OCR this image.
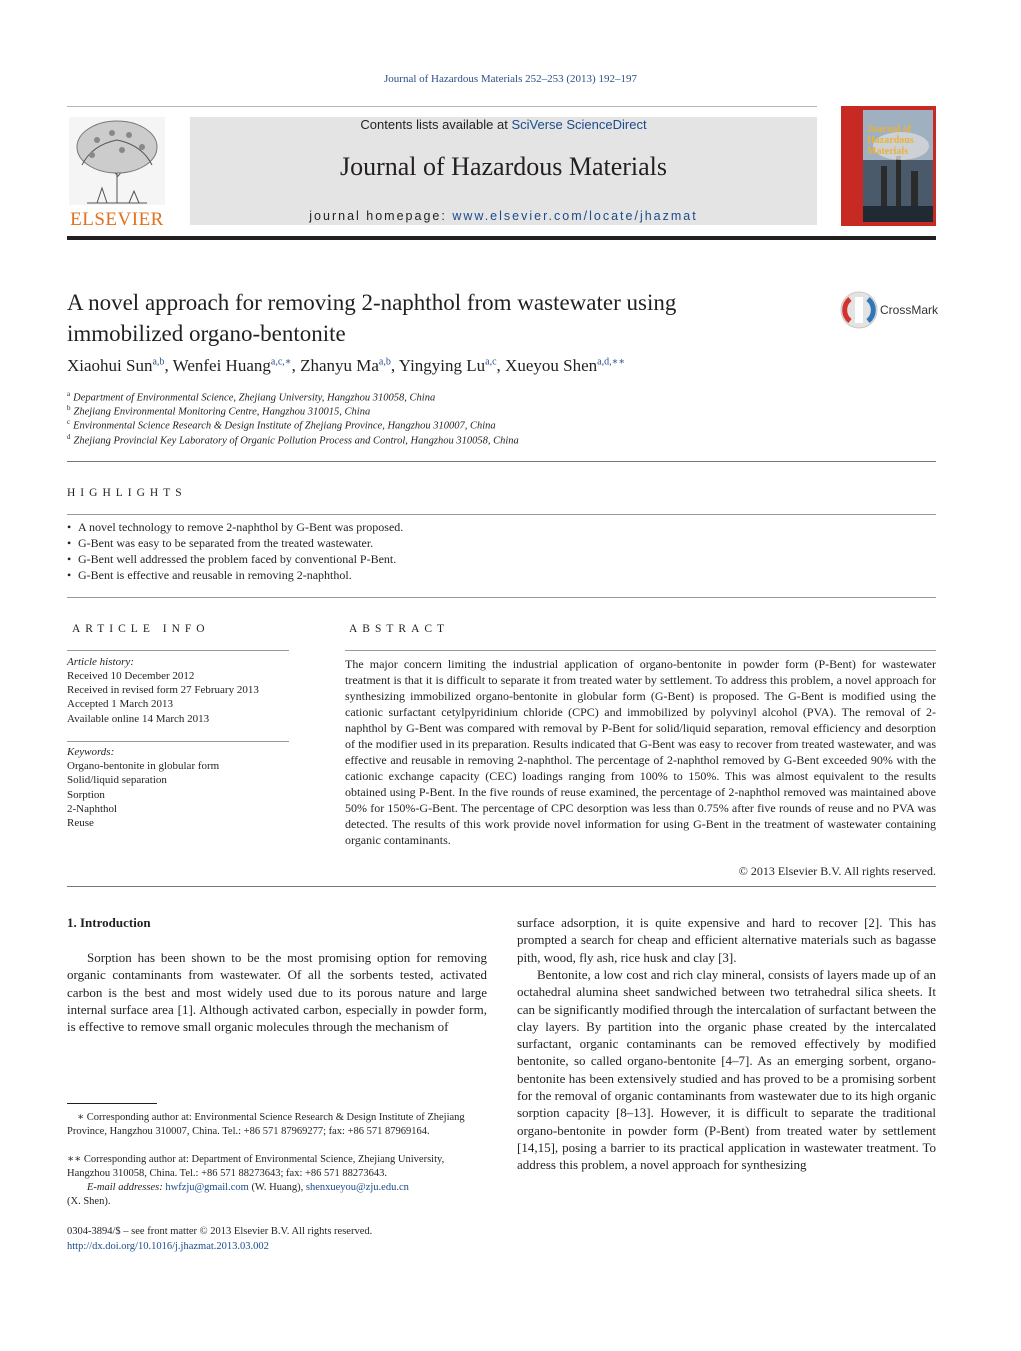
Journal of Hazardous Materials 252–253 (2013) 192–197
ELSEVIER
Contents lists available at SciVerse ScienceDirect
Journal of Hazardous Materials
journal homepage: www.elsevier.com/locate/jhazmat
Journal of Hazardous Materials
A novel approach for removing 2-naphthol from wastewater using
immobilized organo-bentonite
CrossMark
Xiaohui Sun$^{a,b}$, Wenfei Huang$^{a,c,∗}$, Zhanyu Ma$^{a,b}$, Yingying Lu$^{a,c}$, Xueyou Shen$^{a,d,∗∗}$
$^a$ Department of Environmental Science, Zhejiang University, Hangzhou 310058, China
$^b$ Zhejiang Environmental Monitoring Centre, Hangzhou 310015, China
$^c$ Environmental Science Research & Design Institute of Zhejiang Province, Hangzhou 310007, China
$^d$ Zhejiang Provincial Key Laboratory of Organic Pollution Process and Control, Hangzhou 310058, China
HIGHLIGHTS
• A novel technology to remove 2-naphthol by G-Bent was proposed.
• G-Bent was easy to be separated from the treated wastewater.
• G-Bent well addressed the problem faced by conventional P-Bent.
• G-Bent is effective and reusable in removing 2-naphthol.
ARTICLE INFO
Article history:
Received 10 December 2012
Received in revised form 27 February 2013
Accepted 1 March 2013
Available online 14 March 2013
Keywords:
Organo-bentonite in globular form
Solid/liquid separation
Sorption
2-Naphthol
Reuse
ABSTRACT
The major concern limiting the industrial application of organo-bentonite in powder form (P-Bent) for wastewater treatment is that it is difficult to separate it from treated water by settlement. To address this problem, a novel approach for synthesizing immobilized organo-bentonite in globular form (G-Bent) is proposed. The G-Bent is modified using the cationic surfactant cetylpyridinium chloride (CPC) and immobilized by polyvinyl alcohol (PVA). The removal of 2-naphthol by G-Bent was compared with removal by P-Bent for solid/liquid separation, removal efficiency and desorption of the modifier used in its preparation. Results indicated that G-Bent was easy to recover from treated wastewater, and was effective and reusable in removing 2-naphthol. The percentage of 2-naphthol removed by G-Bent exceeded 90% with the cationic exchange capacity (CEC) loadings ranging from 100% to 150%. This was almost equivalent to the results obtained using P-Bent. In the five rounds of reuse examined, the percentage of 2-naphthol removed was maintained above 50% for 150%-G-Bent. The percentage of CPC desorption was less than 0.75% after five rounds of reuse and no PVA was detected. The results of this work provide novel information for using G-Bent in the treatment of wastewater containing organic contaminants.
© 2013 Elsevier B.V. All rights reserved.
1. Introduction
Sorption has been shown to be the most promising option for removing organic contaminants from wastewater. Of all the sorbents tested, activated carbon is the best and most widely used due to its porous nature and large internal surface area [1]. Although activated carbon, especially in powder form, is effective to remove small organic molecules through the mechanism of
surface adsorption, it is quite expensive and hard to recover [2]. This has prompted a search for cheap and efficient alternative materials such as bagasse pith, wood, fly ash, rice husk and clay [3].
Bentonite, a low cost and rich clay mineral, consists of layers made up of an octahedral alumina sheet sandwiched between two tetrahedral silica sheets. It can be significantly modified through the intercalation of surfactant between the clay layers. By partition into the organic phase created by the intercalated surfactant, organic contaminants can be removed effectively by modified bentonite, so called organo-bentonite [4–7]. As an emerging sorbent, organo-bentonite has been extensively studied and has proved to be a promising sorbent for the removal of organic contaminants from wastewater due to its high organic sorption capacity [8–13]. However, it is difficult to separate the traditional organo-bentonite in powder form (P-Bent) from treated water by settlement [14,15], posing a barrier to its practical application in wastewater treatment. To address this problem, a novel approach for synthesizing
∗ Corresponding author at: Environmental Science Research & Design Institute of Zhejiang Province, Hangzhou 310007, China. Tel.: +86 571 87969277; fax: +86 571 87969164.
∗∗ Corresponding author at: Department of Environmental Science, Zhejiang University, Hangzhou 310058, China. Tel.: +86 571 88273643; fax: +86 571 88273643.
E-mail addresses: hwfzju@gmail.com (W. Huang), shenxueyou@zju.edu.cn
(X. Shen).
0304-3894/$ – see front matter © 2013 Elsevier B.V. All rights reserved.
http://dx.doi.org/10.1016/j.jhazmat.2013.03.002
